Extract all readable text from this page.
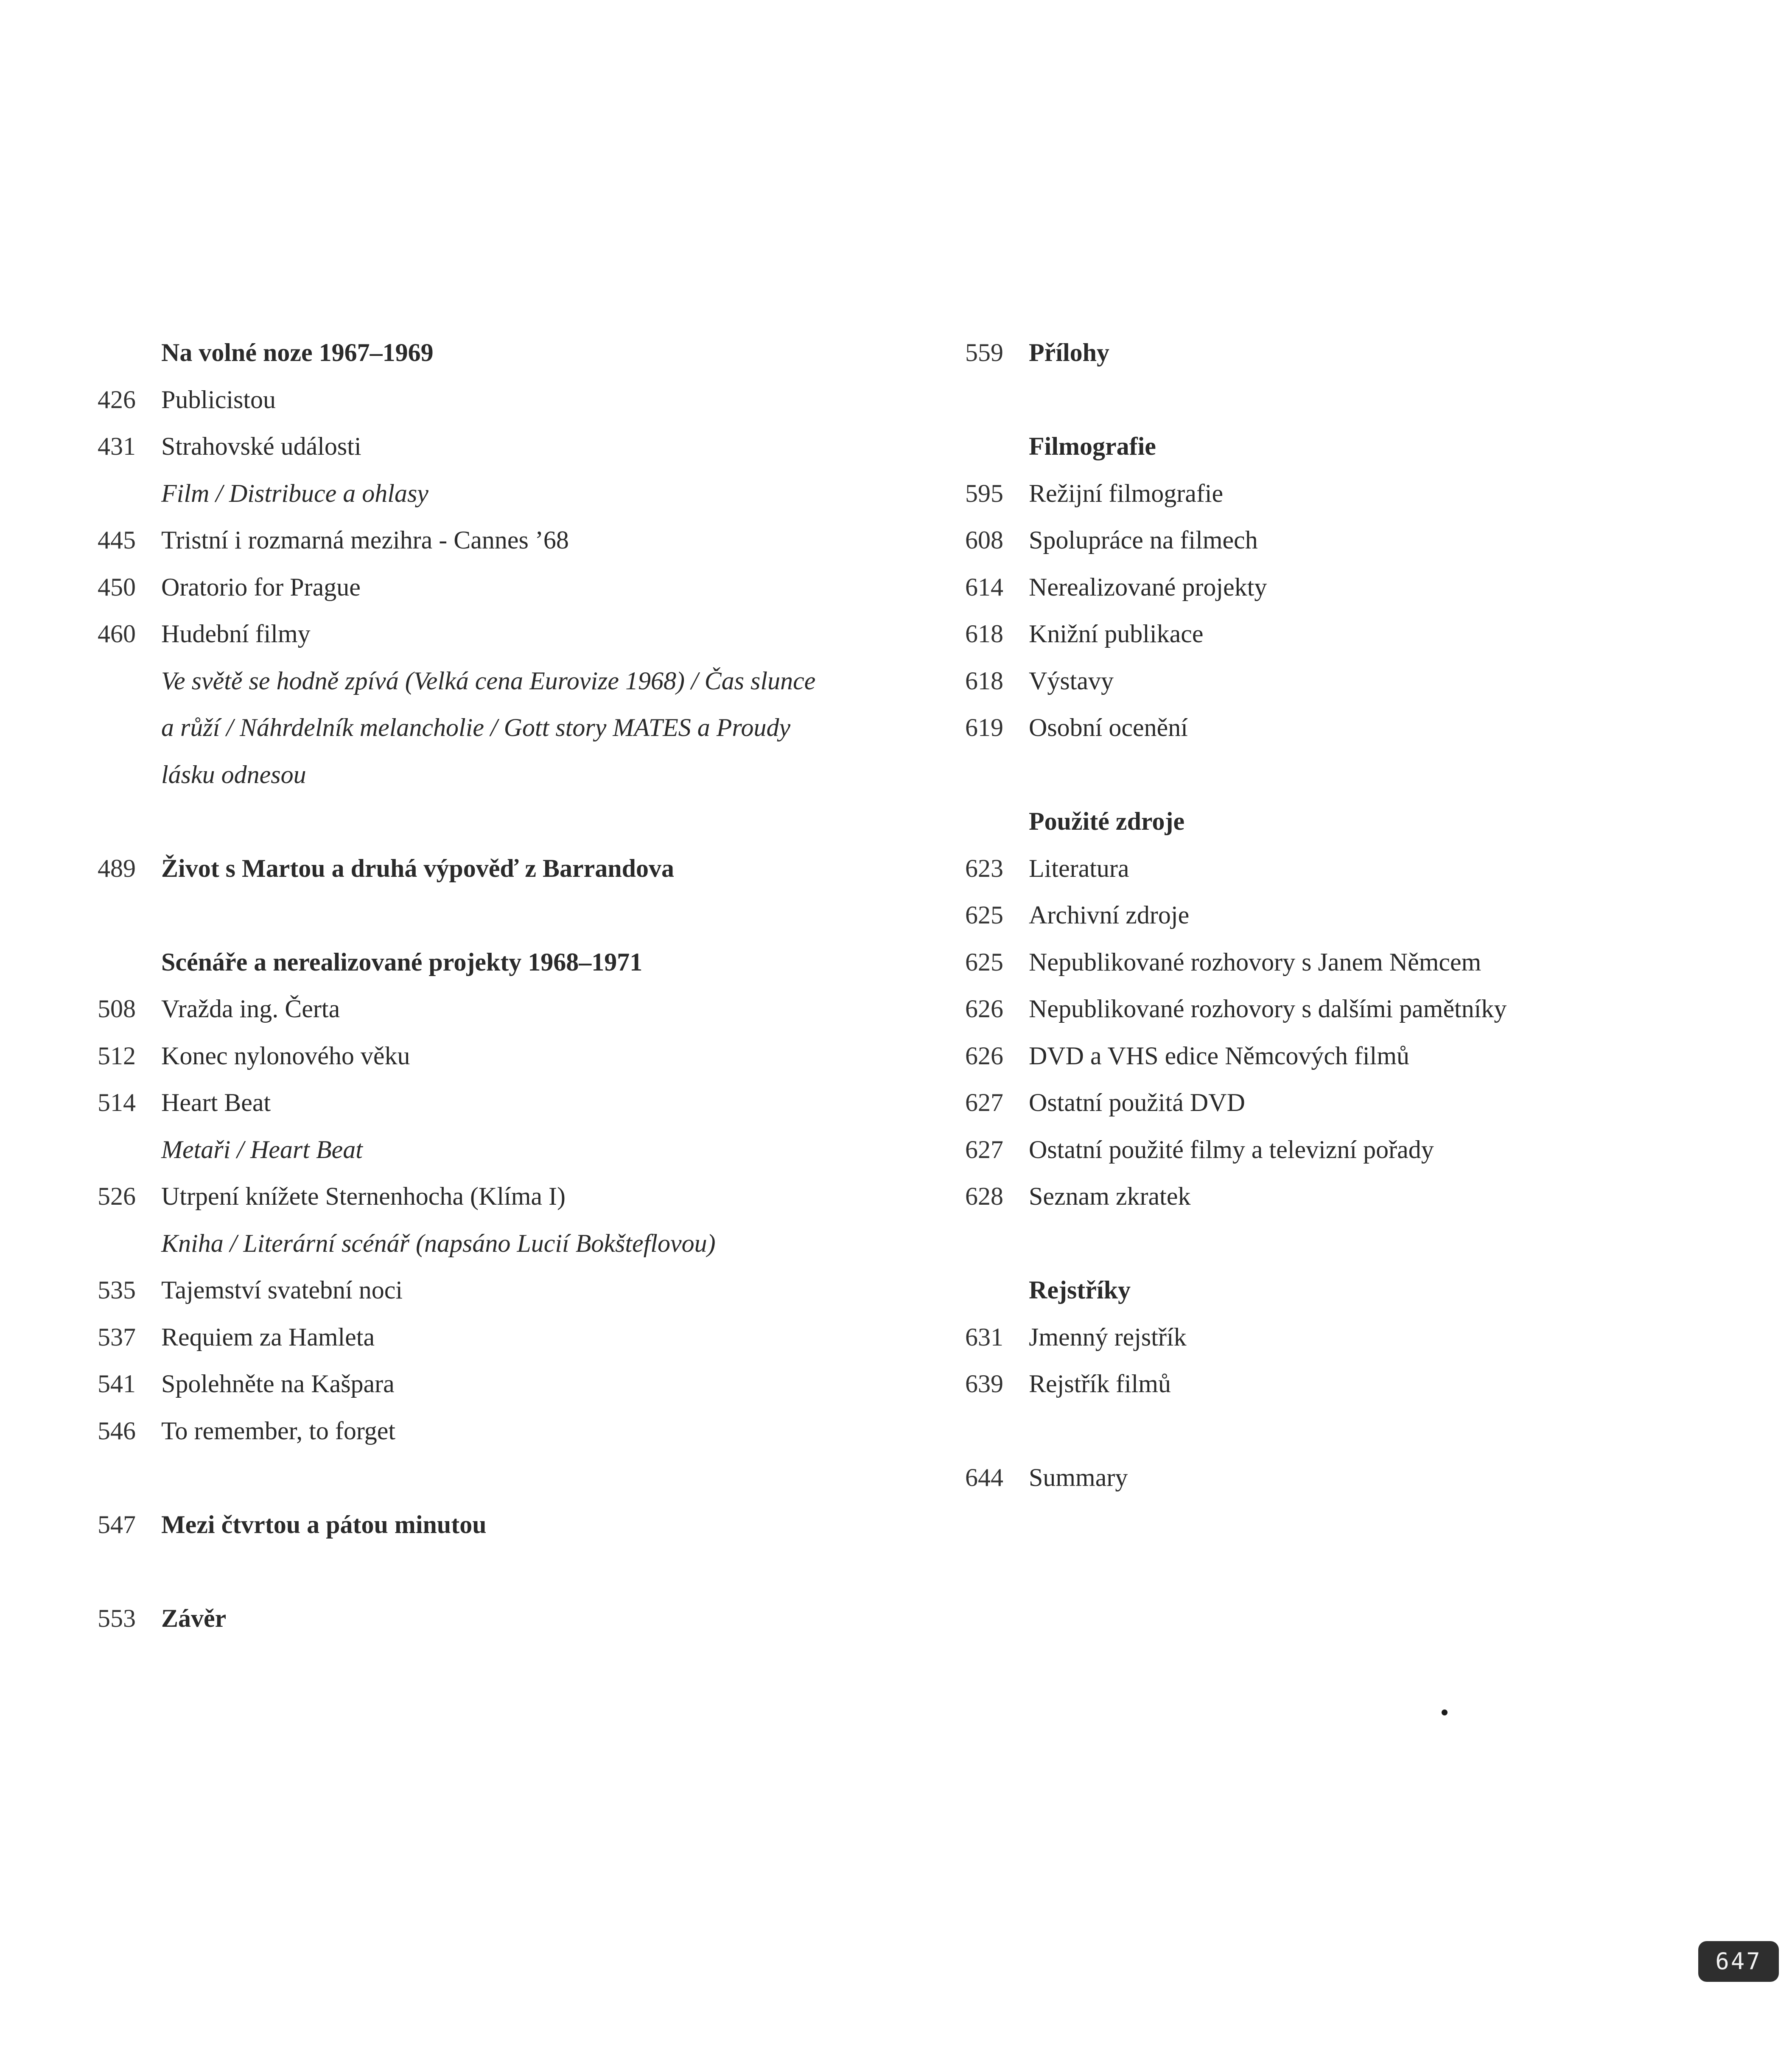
Na volné noze 1967–1969
426	Publicistou
431	Strahovské události
Film / Distribuce a ohlasy
445	Tristní i rozmarná mezihra - Cannes ’68
450	Oratorio for Prague
460	Hudební filmy
Ve světě se hodně zpívá (Velká cena Eurovize 1968) / Čas slunce
a růží / Náhrdelník melancholie / Gott story MATES a Proudy
lásku odnesou
489	Život s Martou a druhá výpověď z Barrandova
Scénáře a nerealizované projekty 1968–1971
508	Vražda ing. Čerta
512	Konec nylonového věku
514	Heart Beat
Metaři / Heart Beat
526	Utrpení knížete Sternenhocha (Klíma I)
Kniha / Literární scénář (napsáno Lucií Bokšteflovou)
535	Tajemství svatební noci
537	Requiem za Hamleta
541	Spolehněte na Kašpara
546	To remember, to forget
547	Mezi čtvrtou a pátou minutou
553	Závěr
559	Přílohy
Filmografie
595	Režijní filmografie
608	Spolupráce na filmech
614	Nerealizované projekty
618	Knižní publikace
618	Výstavy
619	Osobní ocenění
Použité zdroje
623	Literatura
625	Archivní zdroje
625	Nepublikované rozhovory s Janem Němcem
626	Nepublikované rozhovory s dalšími pamětníky
626	DVD a VHS edice Němcových filmů
627	Ostatní použitá DVD
627	Ostatní použité filmy a televizní pořady
628	Seznam zkratek
Rejstříky
631	Jmenný rejstřík
639	Rejstřík filmů
644	Summary
647
